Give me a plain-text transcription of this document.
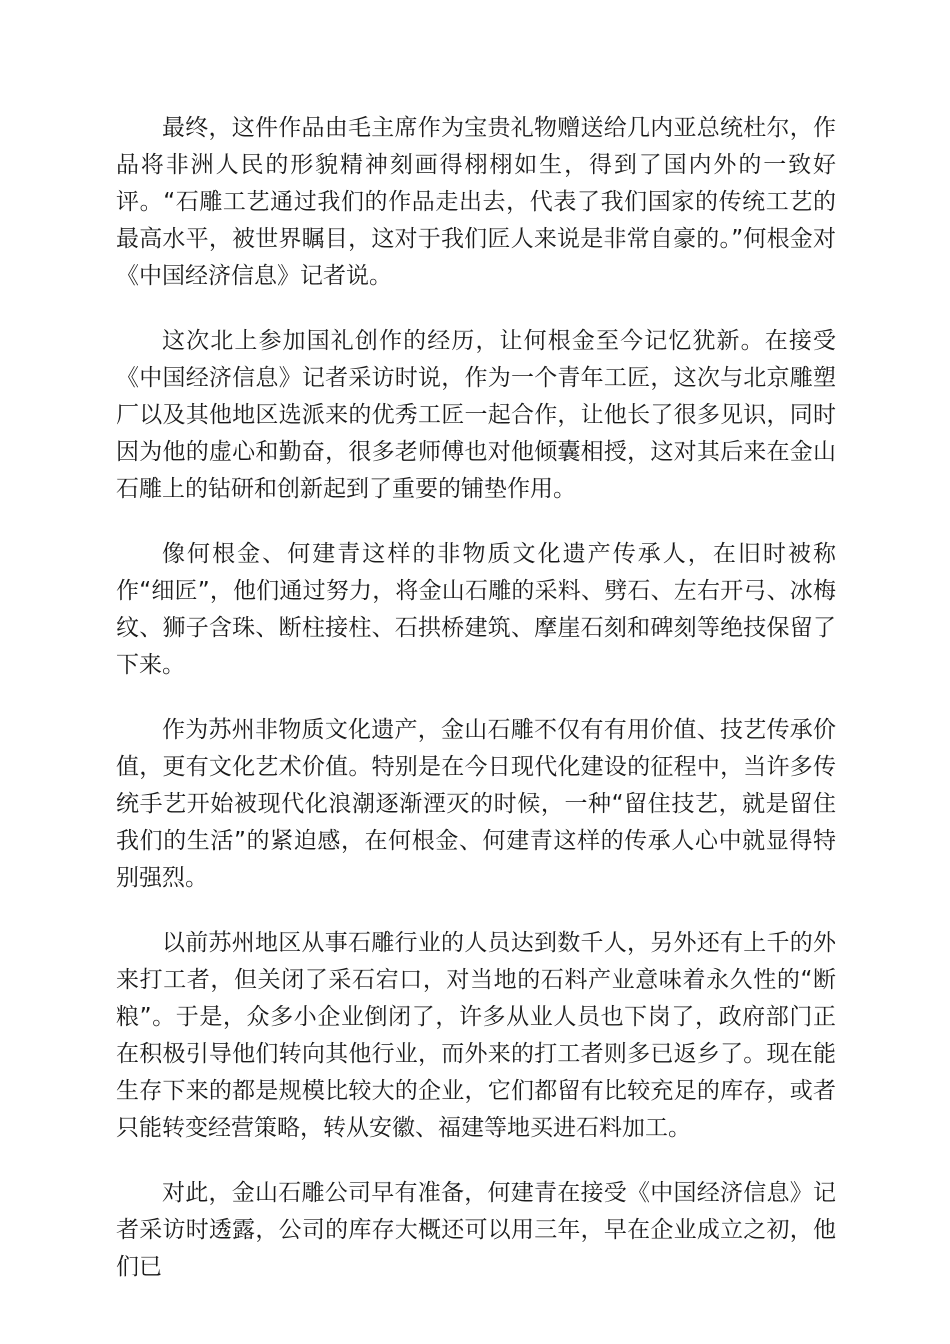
最终，这件作品由毛主席作为宝贵礼物赠送给几内亚总统杜尔，作品将非洲人民的形貌精神刻画得栩栩如生，得到了国内外的一致好评。“石雕工艺通过我们的作品走出去，代表了我们国家的传统工艺的最高水平，被世界瞩目，这对于我们匠人来说是非常自豪的。”何根金对《中国经济信息》记者说。

这次北上参加国礼创作的经历，让何根金至今记忆犹新。在接受《中国经济信息》记者采访时说，作为一个青年工匠，这次与北京雕塑厂以及其他地区选派来的优秀工匠一起合作，让他长了很多见识，同时因为他的虚心和勤奋，很多老师傅也对他倾囊相授，这对其后来在金山石雕上的钻研和创新起到了重要的铺垫作用。

像何根金、何建青这样的非物质文化遗产传承人，在旧时被称作“细匠”，他们通过努力，将金山石雕的采料、劈石、左右开弓、冰梅纹、狮子含珠、断柱接柱、石拱桥建筑、摩崖石刻和碑刻等绝技保留了下来。

作为苏州非物质文化遗产，金山石雕不仅有有用价值、技艺传承价值，更有文化艺术价值。特别是在今日现代化建设的征程中，当许多传统手艺开始被现代化浪潮逐渐湮灭的时候，一种“留住技艺，就是留住我们的生活”的紧迫感，在何根金、何建青这样的传承人心中就显得特别强烈。

以前苏州地区从事石雕行业的人员达到数千人，另外还有上千的外来打工者，但关闭了采石宕口，对当地的石料产业意味着永久性的“断粮”。于是，众多小企业倒闭了，许多从业人员也下岗了，政府部门正在积极引导他们转向其他行业，而外来的打工者则多已返乡了。现在能生存下来的都是规模比较大的企业，它们都留有比较充足的库存，或者只能转变经营策略，转从安徽、福建等地买进石料加工。

对此，金山石雕公司早有准备，何建青在接受《中国经济信息》记者采访时透露，公司的库存大概还可以用三年，早在企业成立之初，他们已
